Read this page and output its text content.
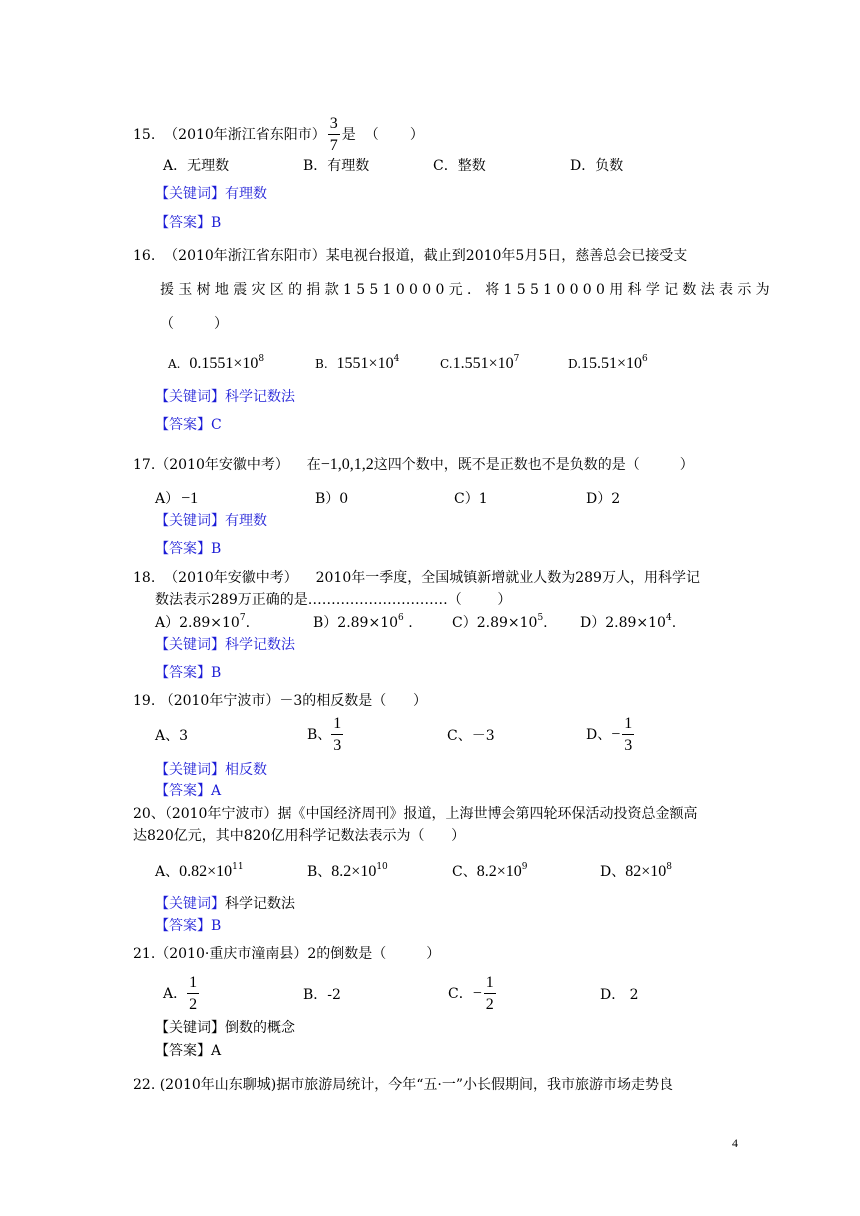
15.  （2010年浙江省东阳市） $\frac{3}{7}$ 是  （       ）
A．无理数	B．有理数	C．整数	D．负数
【关键词】有理数
【答案】B
16.  （2010年浙江省东阳市）某电视台报道，截止到2010年5月5日，慈善总会已接受支
援玉树地震灾区的捐款15510000元．将15510000用科学记数法表示为
（         ）
A. $0.1551\times 10^8$	B. $1551\times 10^4$	$C.1.551\times 10^7$	$D.15.51\times 10^6$
【关键词】科学记数法
【答案】C
17.（2010年安徽中考）    在−1,0,1,2这四个数中，既不是正数也不是负数的是（         ）
A） −1	B）0	C）1	D）2
【关键词】有理数
【答案】B
18.  （2010年安徽中考）    2010年一季度，全国城镇新增就业人数为289万人，用科学记
数法表示289万正确的是…………………………（        ）
$A)2.89\times 10^7$.	$B)2.89\times 10^6$ .	$C)2.89\times 10^5$. $D)2.89\times 10^4$.
【关键词】科学记数法
【答案】B
19. （2010年宁波市）－3的相反数是（      ）
A、3	B、 $\frac{1}{3}$	C、－3	D、− $\frac{1}{3}$
【关键词】相反数
【答案】A
20、（2010年宁波市）据《中国经济周刊》报道，上海世博会第四轮环保活动投资总金额高
达820亿元，其中820亿用科学记数法表示为（      ）
A、$0.82\times 10^{11}$	B、$8.2\times 10^{10}$	C、$8.2\times 10^9$	D、$82\times 10^8$
【关键词】科学记数法
【答案】B
21.（2010·重庆市潼南县）2的倒数是（         ）
A． $\frac{1}{2}$	B．-2	C．− $\frac{1}{2}$	D． 2
【关键词】倒数的概念
【答案】A
22. (2010年山东聊城)据市旅游局统计，今年“五·一”小长假期间，我市旅游市场走势良
4
